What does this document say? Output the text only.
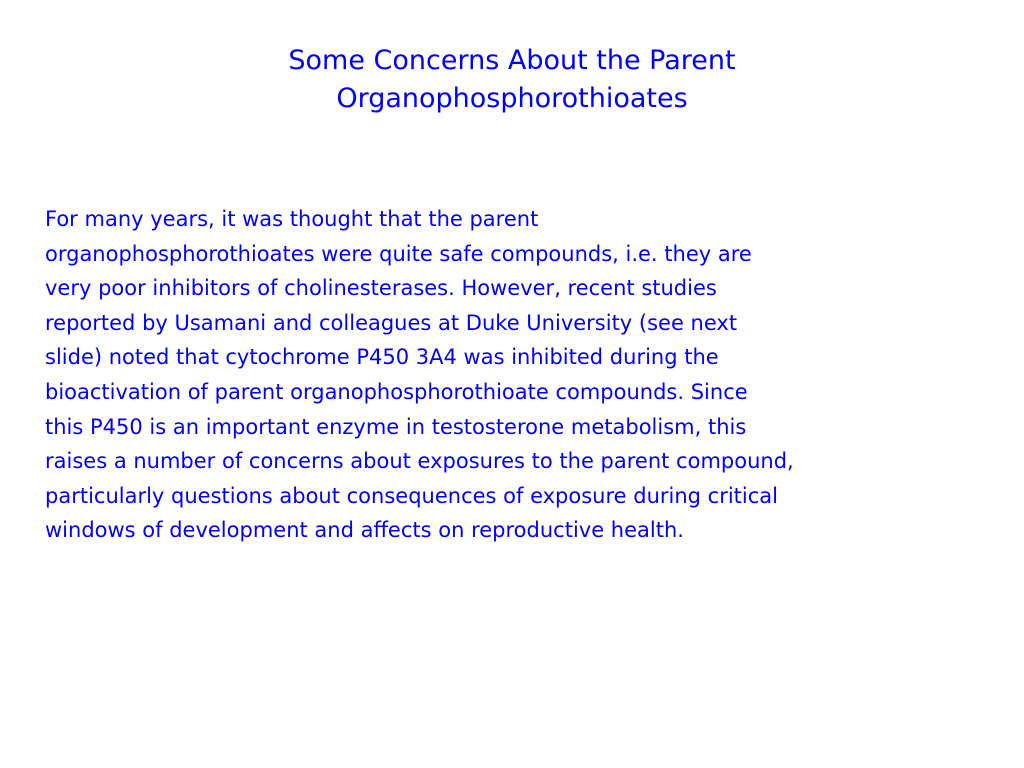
Some Concerns About the Parent
Organophosphorothioates

For many years, it was thought that the parent
organophosphorothioates were quite safe compounds, i.e. they are
very poor inhibitors of cholinesterases. However, recent studies
reported by Usamani and colleagues at Duke University (see next
slide) noted that cytochrome P450 3A4 was inhibited during the
bioactivation of parent organophosphorothioate compounds. Since
this P450 is an important enzyme in testosterone metabolism, this
raises a number of concerns about exposures to the parent compound,
particularly questions about consequences of exposure during critical
windows of development and affects on reproductive health.
